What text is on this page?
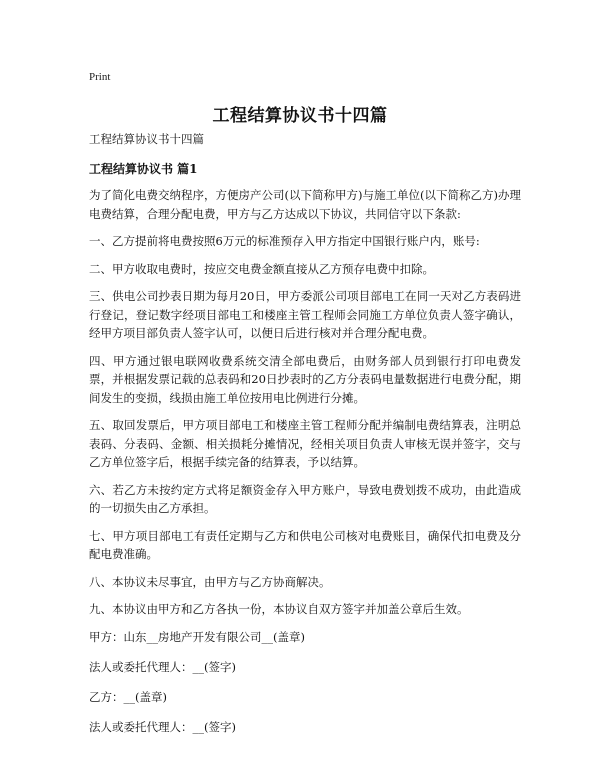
Print
工程结算协议书十四篇
工程结算协议书十四篇
工程结算协议书 篇1

为了简化电费交纳程序，方便房产公司(以下简称甲方)与施工单位(以下简称乙方)办理电费结算，合理分配电费，甲方与乙方达成以下协议，共同信守以下条款:

一、乙方提前将电费按照6万元的标准预存入甲方指定中国银行账户内，账号:

二、甲方收取电费时，按应交电费金额直接从乙方预存电费中扣除。

三、供电公司抄表日期为每月20日，甲方委派公司项目部电工在同一天对乙方表码进行登记，登记数字经项目部电工和楼座主管工程师会同施工方单位负责人签字确认，经甲方项目部负责人签字认可，以便日后进行核对并合理分配电费。

四、甲方通过银电联网收费系统交清全部电费后，由财务部人员到银行打印电费发票，并根据发票记载的总表码和20日抄表时的乙方分表码电量数据进行电费分配，期间发生的变损，线损由施工单位按用电比例进行分摊。

五、取回发票后，甲方项目部电工和楼座主管工程师分配并编制电费结算表，注明总表码、分表码、金额、相关损耗分摊情况，经相关项目负责人审核无误并签字，交与乙方单位签字后，根据手续完备的结算表，予以结算。

六、若乙方未按约定方式将足额资金存入甲方账户，导致电费划拨不成功，由此造成的一切损失由乙方承担。

七、甲方项目部电工有责任定期与乙方和供电公司核对电费账目，确保代扣电费及分配电费准确。

八、本协议未尽事宜，由甲方与乙方协商解决。

九、本协议由甲方和乙方各执一份，本协议自双方签字并加盖公章后生效。

甲方：山东__房地产开发有限公司__(盖章)
法人或委托代理人：__(签字)
乙方：__(盖章)
法人或委托代理人：__(签字)
